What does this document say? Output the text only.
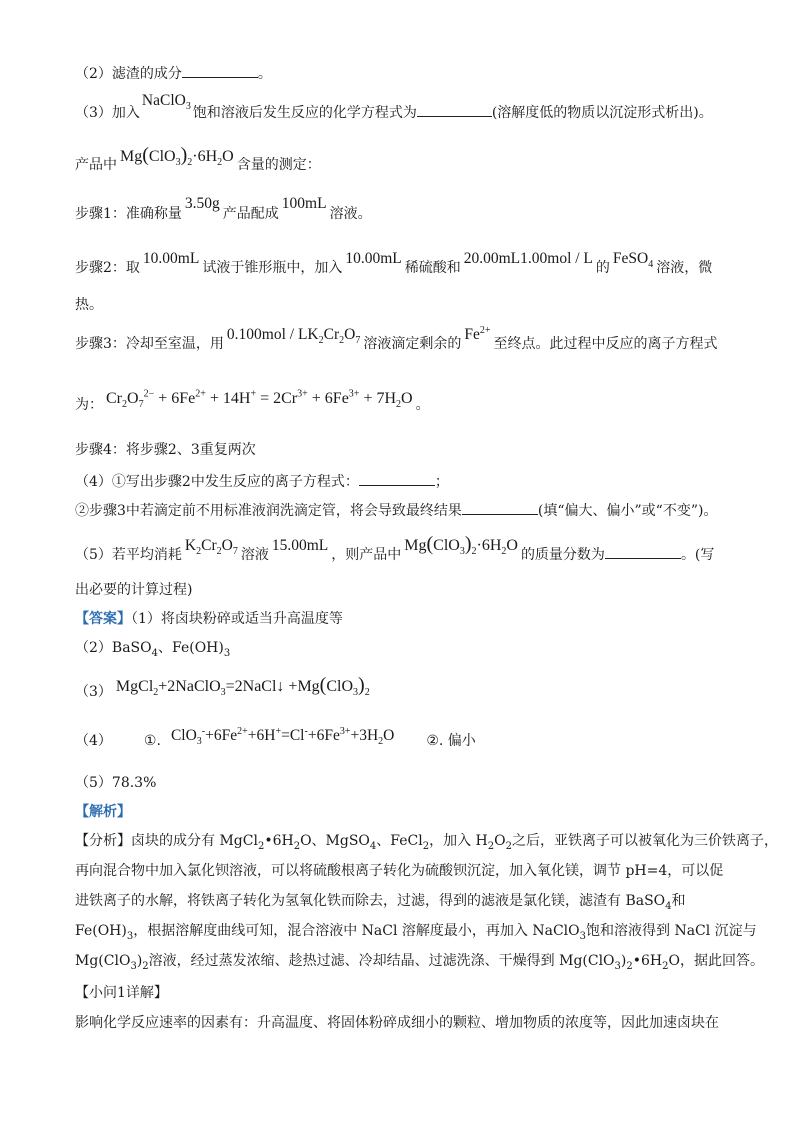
（2）滤渣的成分	。
（3）加入NaClO$_3$ 饱和溶液后发生反应的化学方程式为	(溶解度低的物质以沉淀形式析出)。
产品中 $Mg(ClO_3)_2\cdot 6H_2O$ 含量的测定：
步骤1：准确称量3.50g产品配成100mL溶液。
步骤2：取10.00mL试液于锥形瓶中，加入10.00mL稀硫酸和20.00mL1.00mol / L的FeSO$_4$ 溶液，微
热。
步骤3：冷却至室温，用$0.100mol / LK_2Cr_2O_7$ 溶液滴定剩余的$Fe^{2+}$至终点。此过程中反应的离子方程式
为： $Cr_2O_7^{2-} + 6Fe^{2+} + 14H^+ = 2Cr^{3+} + 6Fe^{3+} + 7H_2O$ 。
步骤4：将步骤2、3重复两次
（4）①写出步骤2中发生反应的离子方程式：	；
②步骤3中若滴定前不用标准液润洗滴定管，将会导致最终结果	(填“偏大、偏小”或“不变”)。
（5）若平均消耗$K_2Cr_2O_7$ 溶液15.00mL，则产品中$Mg(ClO_3)_2\cdot 6H_2O$的质量分数为	。(写
出必要的计算过程)
【答案】（1）将卤块粉碎或适当升高温度等
（2）BaSO$_4$、$Fe(OH)_3$
（3） MgCl$_2$+2NaClO$_3$=2NaCl↓ $+Mg(ClO_3)_2$
（4） ①. $ClO_3^-+6Fe^{2+}+6H^+=Cl^-+6Fe^{3+}+3H_2O$ ②. 偏小
（5）78.3%
【解析】
【分析】卤块的成分有 $MgCl_2•6H_2O$、MgSO$_4$、FeCl$_2$，加入 $H_2O_2$之后，亚铁离子可以被氧化为三价铁离子，
再向混合物中加入氯化钡溶液，可以将硫酸根离子转化为硫酸钡沉淀，加入氧化镁，调节 pH=4，可以促
进铁离子的水解，将铁离子转化为氢氧化铁而除去，过滤，得到的滤液是氯化镁，滤渣有 BaSO$_4$和
$Fe(OH)_3$，根据溶解度曲线可知，混合溶液中 NaCl 溶解度最小，再加入 NaClO$_3$饱和溶液得到 NaCl 沉淀与
$Mg(ClO_3)_2$溶液，经过蒸发浓缩、趁热过滤、冷却结晶、过滤洗涤、干燥得到 $Mg(ClO_3)_2•6H_2O$，据此回答。
【小问1详解】
影响化学反应速率的因素有：升高温度、将固体粉碎成细小的颗粒、增加物质的浓度等，因此加速卤块在
